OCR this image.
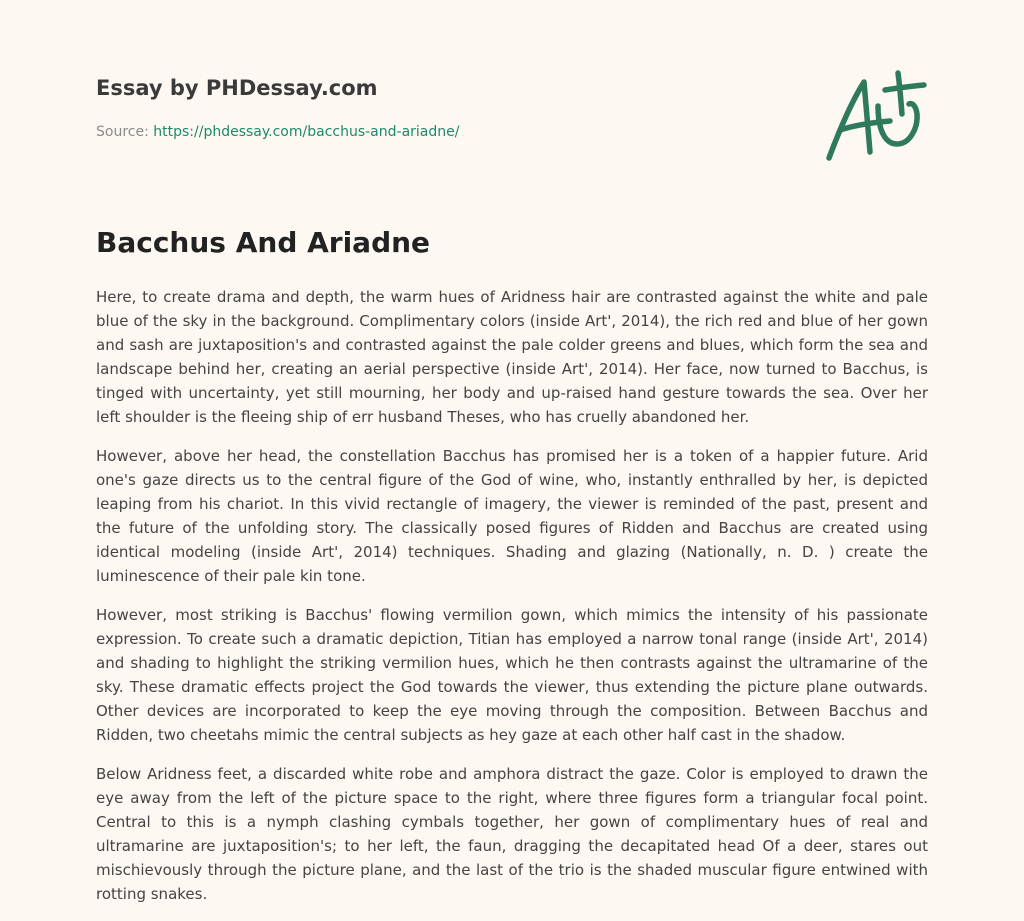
Essay by PHDessay.com
Source: https://phdessay.com/bacchus-and-ariadne/
Bacchus And Ariadne

Here, to create drama and depth, the warm hues of Aridness hair are contrasted against the white and pale blue of the sky in the background. Complimentary colors (inside Art', 2014), the rich red and blue of her gown and sash are juxtaposition's and contrasted against the pale colder greens and blues, which form the sea and landscape behind her, creating an aerial perspective (inside Art', 2014). Her face, now turned to Bacchus, is tinged with uncertainty, yet still mourning, her body and up-raised hand gesture towards the sea. Over her left shoulder is the fleeing ship of err husband Theses, who has cruelly abandoned her.

However, above her head, the constellation Bacchus has promised her is a token of a happier future. Arid one's gaze directs us to the central figure of the God of wine, who, instantly enthralled by her, is depicted leaping from his chariot. In this vivid rectangle of imagery, the viewer is reminded of the past, present and the future of the unfolding story. The classically posed figures of Ridden and Bacchus are created using identical modeling (inside Art', 2014) techniques. Shading and glazing (Nationally, n. D. ) create the luminescence of their pale kin tone.

However, most striking is Bacchus' flowing vermilion gown, which mimics the intensity of his passionate expression. To create such a dramatic depiction, Titian has employed a narrow tonal range (inside Art', 2014) and shading to highlight the striking vermilion hues, which he then contrasts against the ultramarine of the sky. These dramatic effects project the God towards the viewer, thus extending the picture plane outwards. Other devices are incorporated to keep the eye moving through the composition. Between Bacchus and Ridden, two cheetahs mimic the central subjects as hey gaze at each other half cast in the shadow.

Below Aridness feet, a discarded white robe and amphora distract the gaze. Color is employed to drawn the eye away from the left of the picture space to the right, where three figures form a triangular focal point. Central to this is a nymph clashing cymbals together, her gown of complimentary hues of real and ultramarine are juxtaposition's; to her left, the faun, dragging the decapitated head Of a deer, stares out mischievously through the picture plane, and the last of the trio is the shaded muscular figure entwined with rotting snakes.
